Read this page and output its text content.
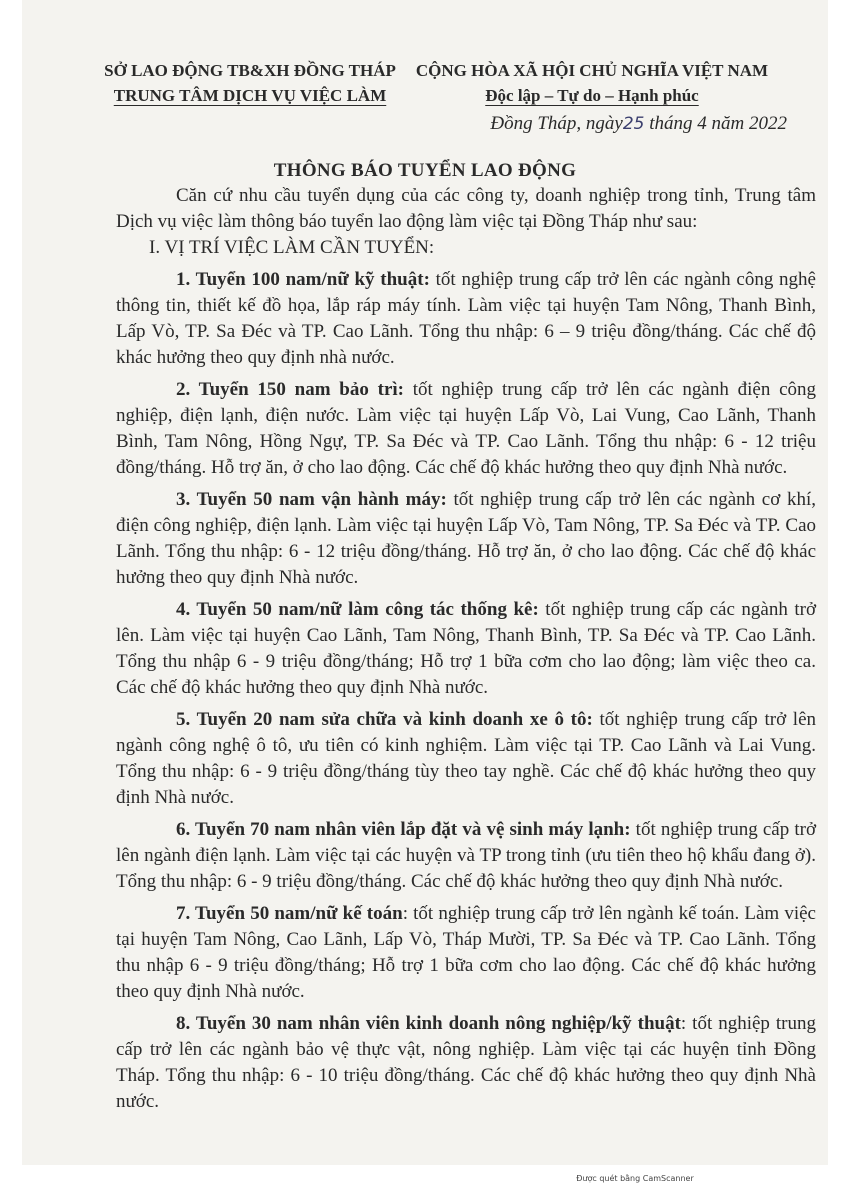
SỞ LAO ĐỘNG TB&XH ĐỒNG THÁP
TRUNG TÂM DỊCH VỤ VIỆC LÀM
CỘNG HÒA XÃ HỘI CHỦ NGHĨA VIỆT NAM
Độc lập – Tự do – Hạnh phúc
Đồng Tháp, ngày25 tháng 4 năm 2022
THÔNG BÁO TUYỂN LAO ĐỘNG

Căn cứ nhu cầu tuyển dụng của các công ty, doanh nghiệp trong tỉnh, Trung tâm Dịch vụ việc làm thông báo tuyển lao động làm việc tại Đồng Tháp như sau:

I. VỊ TRÍ VIỆC LÀM CẦN TUYỂN:

1. Tuyển 100 nam/nữ kỹ thuật: tốt nghiệp trung cấp trở lên các ngành công nghệ thông tin, thiết kế đồ họa, lắp ráp máy tính. Làm việc tại huyện Tam Nông, Thanh Bình, Lấp Vò, TP. Sa Đéc và TP. Cao Lãnh. Tổng thu nhập: 6 – 9 triệu đồng/tháng. Các chế độ khác hưởng theo quy định nhà nước.

2. Tuyển 150 nam bảo trì: tốt nghiệp trung cấp trở lên các ngành điện công nghiệp, điện lạnh, điện nước. Làm việc tại huyện Lấp Vò, Lai Vung, Cao Lãnh, Thanh Bình, Tam Nông, Hồng Ngự, TP. Sa Đéc và TP. Cao Lãnh. Tổng thu nhập: 6 - 12 triệu đồng/tháng. Hỗ trợ ăn, ở cho lao động. Các chế độ khác hưởng theo quy định Nhà nước.

3. Tuyển 50 nam vận hành máy: tốt nghiệp trung cấp trở lên các ngành cơ khí, điện công nghiệp, điện lạnh. Làm việc tại huyện Lấp Vò, Tam Nông, TP. Sa Đéc và TP. Cao Lãnh. Tổng thu nhập: 6 - 12 triệu đồng/tháng. Hỗ trợ ăn, ở cho lao động. Các chế độ khác hưởng theo quy định Nhà nước.

4. Tuyển 50 nam/nữ làm công tác thống kê: tốt nghiệp trung cấp các ngành trở lên. Làm việc tại huyện Cao Lãnh, Tam Nông, Thanh Bình, TP. Sa Đéc và TP. Cao Lãnh. Tổng thu nhập 6 - 9 triệu đồng/tháng; Hỗ trợ 1 bữa cơm cho lao động; làm việc theo ca. Các chế độ khác hưởng theo quy định Nhà nước.

5. Tuyển 20 nam sửa chữa và kinh doanh xe ô tô: tốt nghiệp trung cấp trở lên ngành công nghệ ô tô, ưu tiên có kinh nghiệm. Làm việc tại TP. Cao Lãnh và Lai Vung. Tổng thu nhập: 6 - 9 triệu đồng/tháng tùy theo tay nghề. Các chế độ khác hưởng theo quy định Nhà nước.

6. Tuyển 70 nam nhân viên lắp đặt và vệ sinh máy lạnh: tốt nghiệp trung cấp trở lên ngành điện lạnh. Làm việc tại các huyện và TP trong tỉnh (ưu tiên theo hộ khẩu đang ở). Tổng thu nhập: 6 - 9 triệu đồng/tháng. Các chế độ khác hưởng theo quy định Nhà nước.

7. Tuyển 50 nam/nữ kế toán: tốt nghiệp trung cấp trở lên ngành kế toán. Làm việc tại huyện Tam Nông, Cao Lãnh, Lấp Vò, Tháp Mười, TP. Sa Đéc và TP. Cao Lãnh. Tổng thu nhập 6 - 9 triệu đồng/tháng; Hỗ trợ 1 bữa cơm cho lao động. Các chế độ khác hưởng theo quy định Nhà nước.

8. Tuyển 30 nam nhân viên kinh doanh nông nghiệp/kỹ thuật: tốt nghiệp trung cấp trở lên các ngành bảo vệ thực vật, nông nghiệp. Làm việc tại các huyện tỉnh Đồng Tháp. Tổng thu nhập: 6 - 10 triệu đồng/tháng. Các chế độ khác hưởng theo quy định Nhà nước.

Được quét bằng CamScanner
